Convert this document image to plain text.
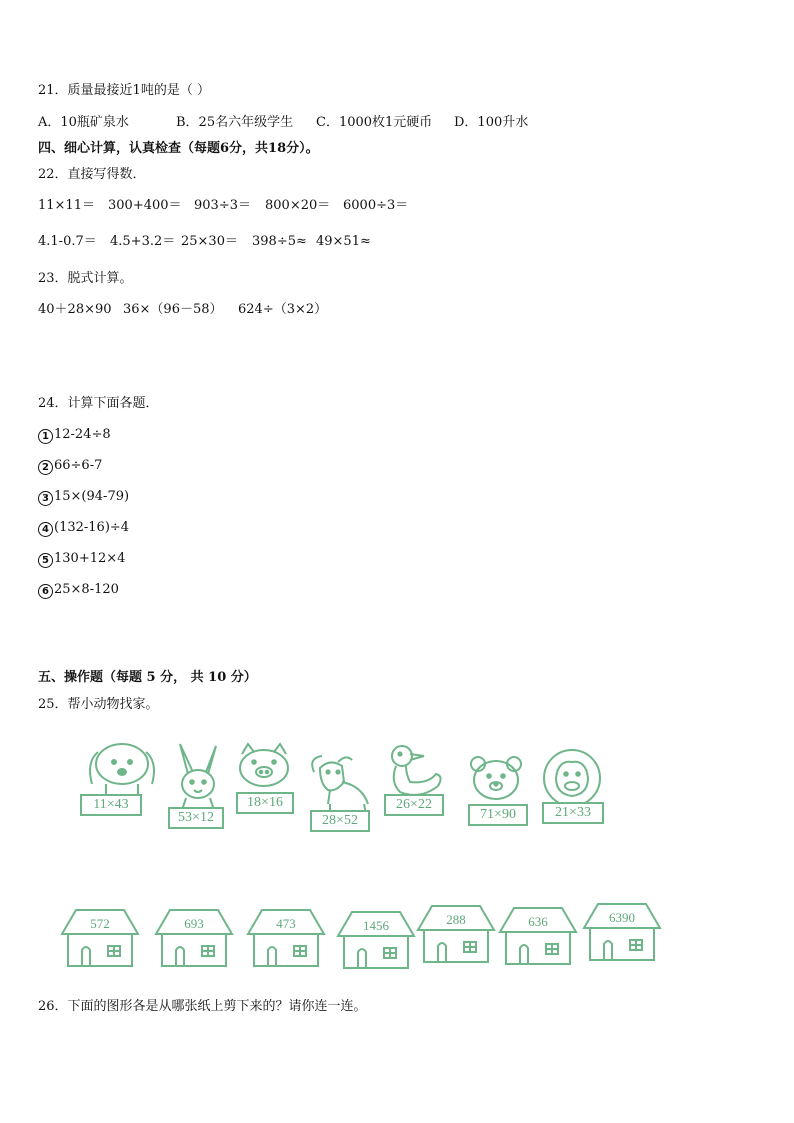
21．质量最接近1吨的是（ ）
A．10瓶矿泉水	B．25名六年级学生 C．1000枚1元硬币 D．100升水
四、细心计算，认真检查（每题6分，共18分）。
22．直接写得数．
11×11＝ 300+400＝ 903÷3＝ 800×20＝ 6000÷3＝
4.1-0.7＝ 4.5+3.2＝ 25×30＝ 398÷5≈ 49×51≈
23．脱式计算。
40＋28×90 36×（96－58） 624÷（3×2）
24．计算下面各题．
1 12-24÷8
2 66÷6-7
3 15×(94-79)
4 (132-16)÷4
5 130+12×4
6 25×8-120
五、操作题（每题 5 分， 共 10 分）
25．帮小动物找家。
11×43
53×12
18×16
28×52
26×22
71×90	21×33
572	693	473	1456	288	636	6390
26．下面的图形各是从哪张纸上剪下来的？请你连一连。
